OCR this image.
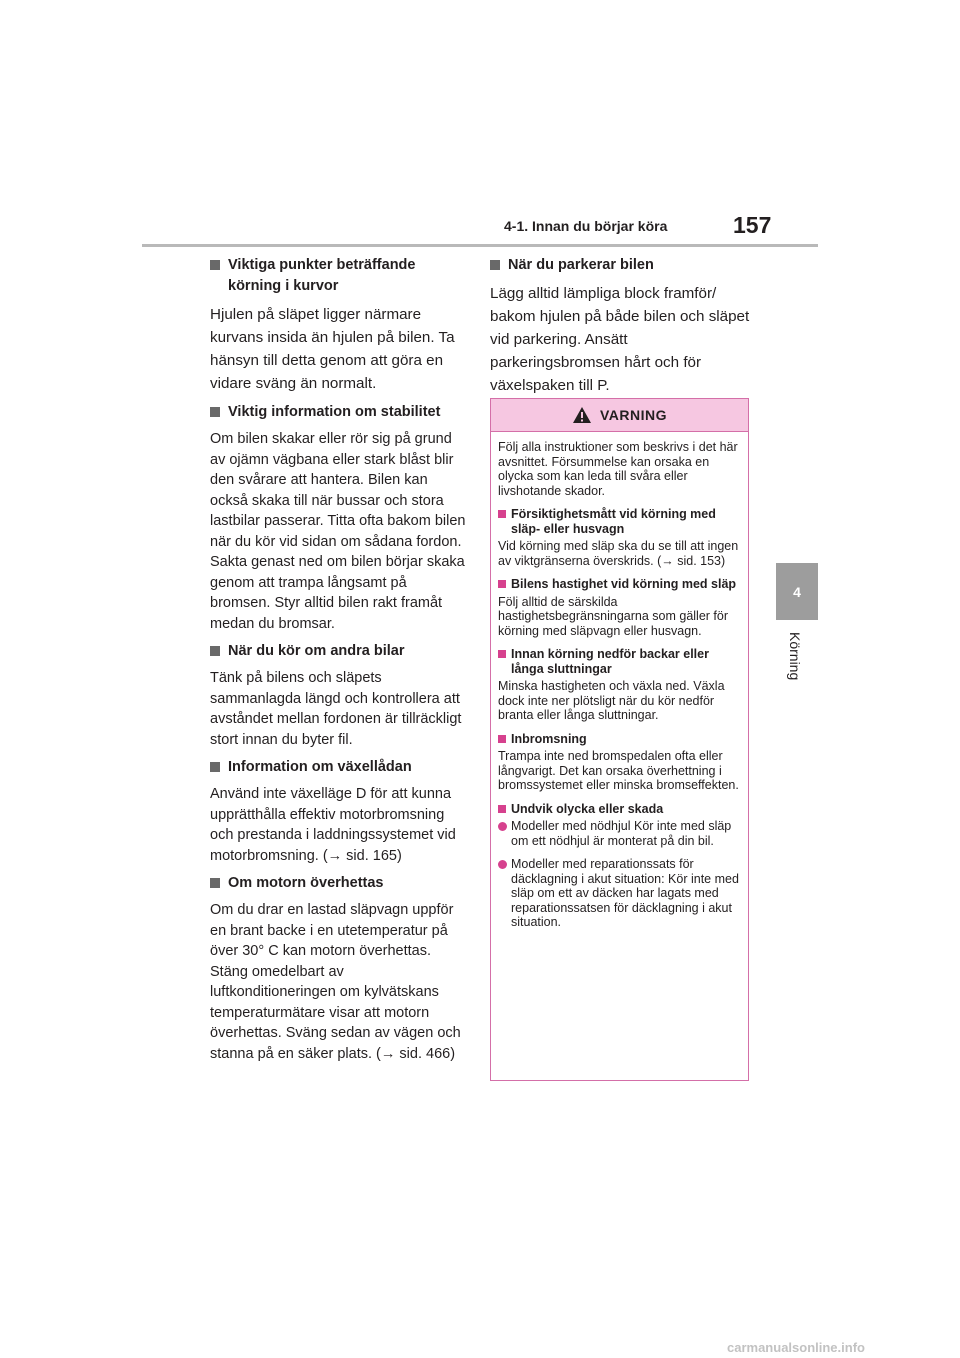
4-1. Innan du börjar köra	157
4
Körning
Viktiga punkter beträffande körning i kurvor

Hjulen på släpet ligger närmare kurvans insida än hjulen på bilen. Ta hänsyn till detta genom att göra en vidare sväng än normalt.

Viktig information om stabilitet

Om bilen skakar eller rör sig på grund av ojämn vägbana eller stark blåst blir den svårare att hantera. Bilen kan också skaka till när bussar och stora lastbilar passerar. Titta ofta bakom bilen när du kör vid sidan om sådana fordon. Sakta genast ned om bilen börjar skaka genom att trampa långsamt på bromsen. Styr alltid bilen rakt framåt medan du bromsar.

När du kör om andra bilar

Tänk på bilens och släpets sammanlagda längd och kontrollera att avståndet mellan fordonen är tillräckligt stort innan du byter fil.

Information om växellådan

Använd inte växelläge D för att kunna upprätthålla effektiv motorbromsning och prestanda i laddningssystemet vid motorbromsning. (→ sid. 165)

Om motorn överhettas

Om du drar en lastad släpvagn uppför en brant backe i en utetemperatur på över 30° C kan motorn överhettas. Stäng omedelbart av luftkonditioneringen om kylvätskans temperaturmätare visar att motorn överhettas. Sväng sedan av vägen och stanna på en säker plats. (→ sid. 466)

När du parkerar bilen

Lägg alltid lämpliga block framför/ bakom hjulen på både bilen och släpet vid parkering. Ansätt parkeringsbromsen hårt och för växelspaken till P.

VARNING

Följ alla instruktioner som beskrivs i det här avsnittet. Försummelse kan orsaka en olycka som kan leda till svåra eller livshotande skador.

Försiktighetsmått vid körning med släp- eller husvagn

Vid körning med släp ska du se till att ingen av viktgränserna överskrids. (→ sid. 153)

Bilens hastighet vid körning med släp

Följ alltid de särskilda hastighetsbegränsningarna som gäller för körning med släpvagn eller husvagn.

Innan körning nedför backar eller långa sluttningar

Minska hastigheten och växla ned. Växla dock inte ner plötsligt när du kör nedför branta eller långa sluttningar.

Inbromsning

Trampa inte ned bromspedalen ofta eller långvarigt. Det kan orsaka överhettning i bromssystemet eller minska bromseffekten.

Undvik olycka eller skada
Modeller med nödhjul Kör inte med släp om ett nödhjul är monterat på din bil.
Modeller med reparationssats för däcklagning i akut situation: Kör inte med släp om ett av däcken har lagats med reparationssatsen för däcklagning i akut situation.
carmanualsonline.info
